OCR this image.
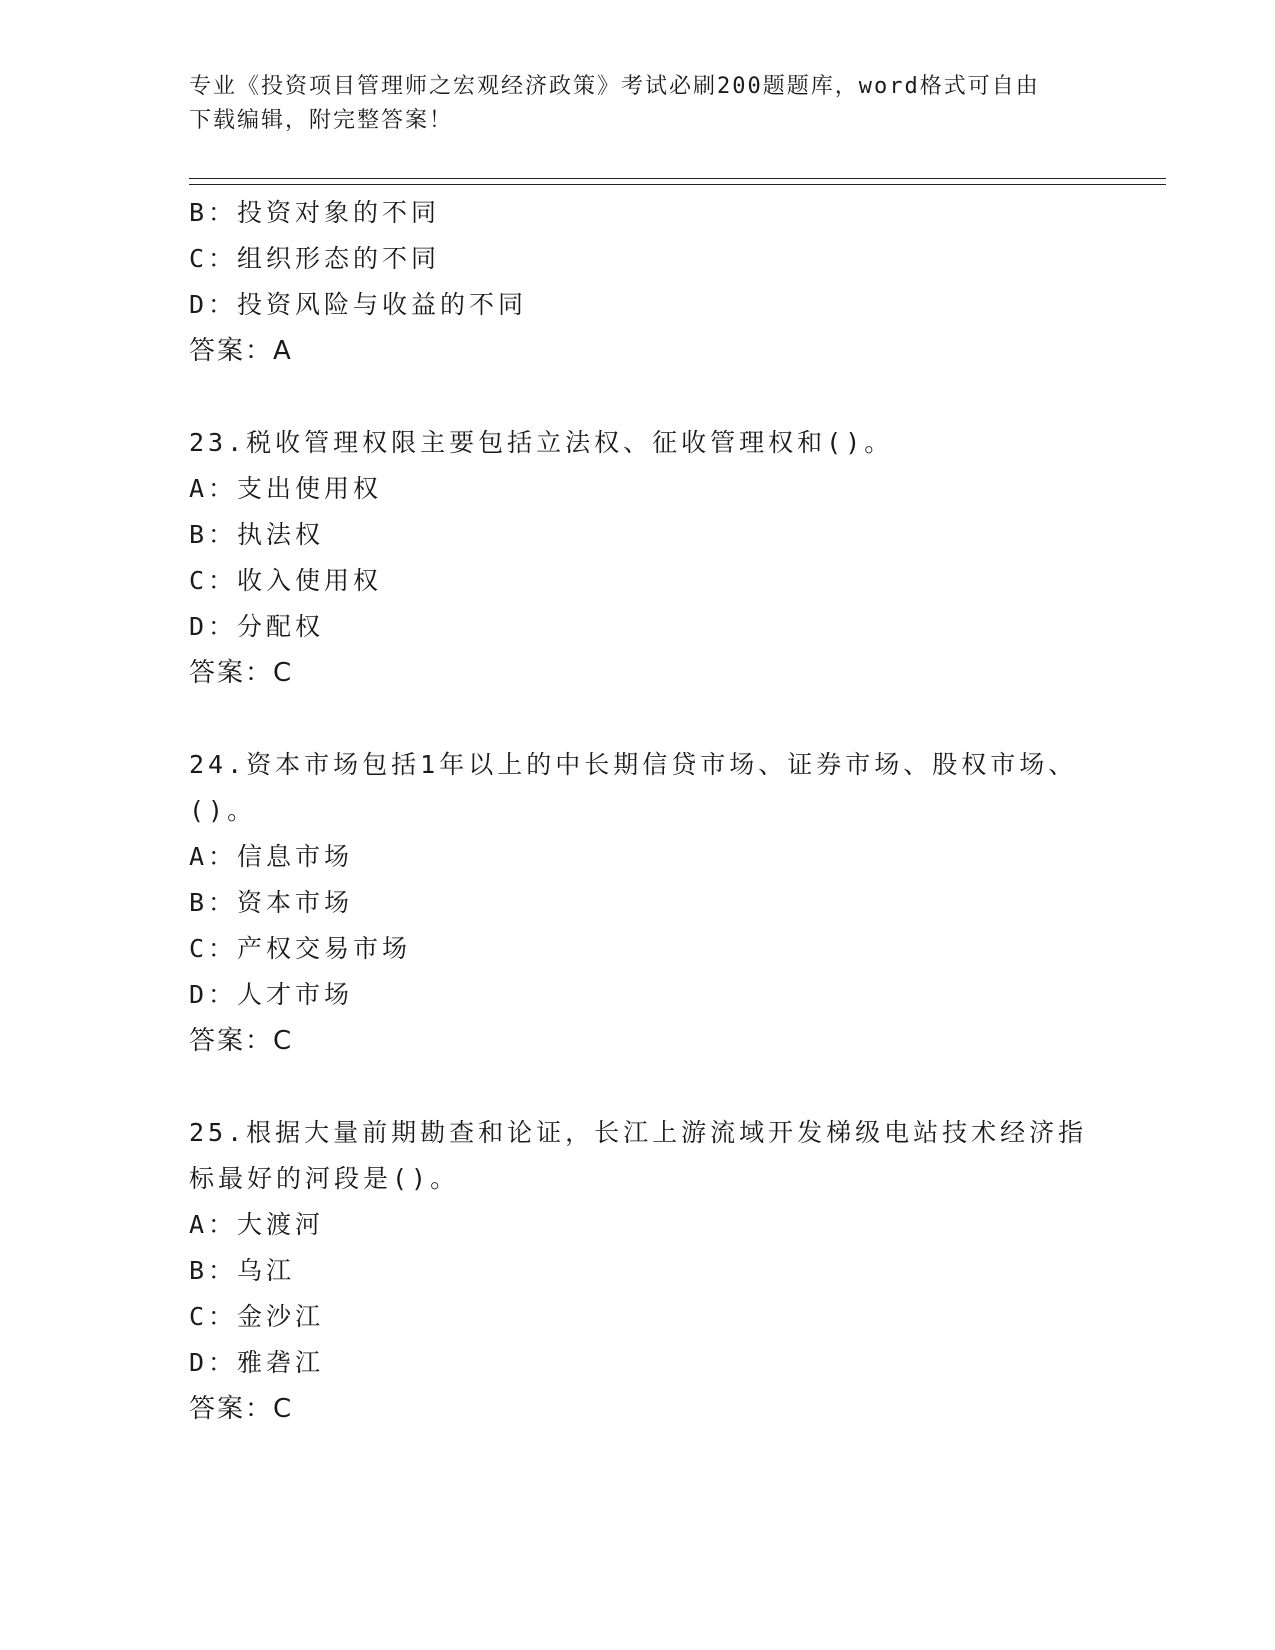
专业《投资项目管理师之宏观经济政策》考试必刷200题题库，word格式可自由
下载编辑，附完整答案！
B：投资对象的不同
C：组织形态的不同
D：投资风险与收益的不同
答案：A
23.税收管理权限主要包括立法权、征收管理权和()。
A：支出使用权
B：执法权
C：收入使用权
D：分配权
答案：C
24.资本市场包括1年以上的中长期信贷市场、证券市场、股权市场、
()。
A：信息市场
B：资本市场
C：产权交易市场
D：人才市场
答案：C
25.根据大量前期勘查和论证，长江上游流域开发梯级电站技术经济指
标最好的河段是()。
A：大渡河
B：乌江
C：金沙江
D：雅砻江
答案：C
